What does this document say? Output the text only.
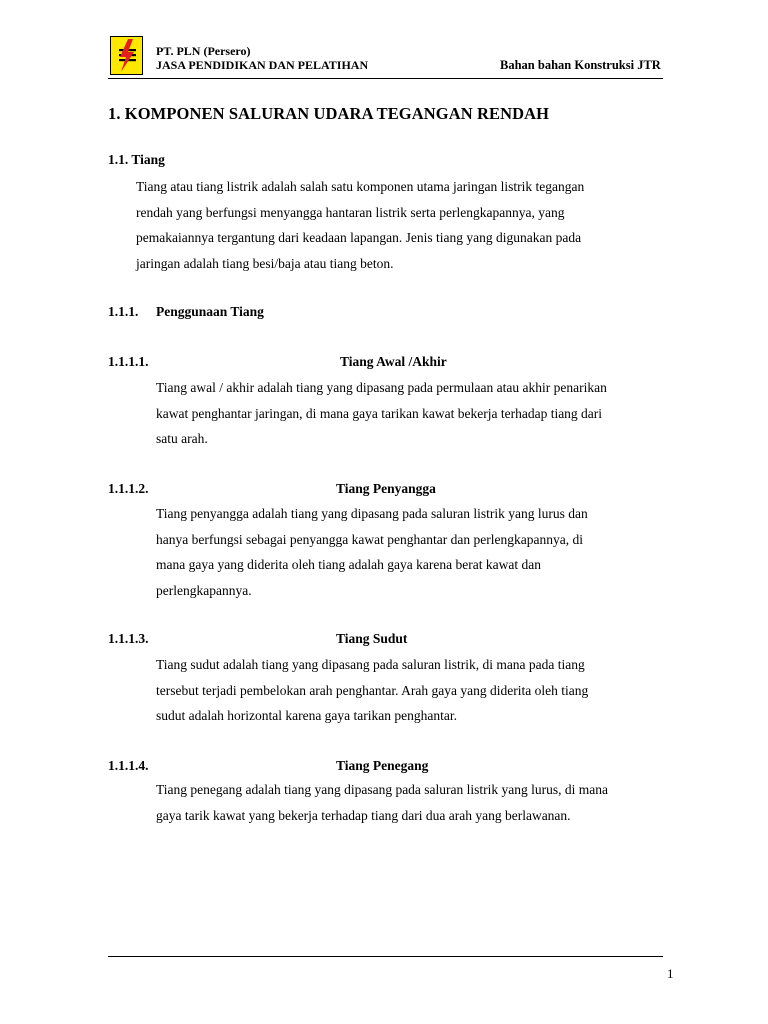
PT. PLN (Persero)
JASA PENDIDIKAN DAN PELATIHAN	Bahan bahan Konstruksi JTR
1. KOMPONEN SALURAN UDARA TEGANGAN RENDAH
1.1. Tiang
Tiang atau tiang listrik adalah salah satu komponen utama jaringan listrik tegangan
rendah yang berfungsi menyangga hantaran listrik serta perlengkapannya, yang
pemakaiannya tergantung dari keadaan lapangan. Jenis tiang yang digunakan pada
jaringan adalah tiang besi/baja atau tiang beton.
1.1.1. Penggunaan Tiang
1.1.1.1.	Tiang Awal /Akhir
Tiang awal / akhir adalah tiang yang dipasang pada permulaan atau akhir penarikan
kawat penghantar jaringan, di mana gaya tarikan kawat bekerja terhadap tiang dari
satu arah.
1.1.1.2.	Tiang Penyangga
Tiang penyangga adalah tiang yang dipasang pada saluran listrik yang lurus dan
hanya berfungsi sebagai penyangga kawat penghantar dan perlengkapannya, di
mana gaya yang diderita oleh tiang adalah gaya karena berat kawat dan
perlengkapannya.
1.1.1.3.	Tiang Sudut
Tiang sudut adalah tiang yang dipasang pada saluran listrik, di mana pada tiang
tersebut terjadi pembelokan arah penghantar. Arah gaya yang diderita oleh tiang
sudut adalah horizontal karena gaya tarikan penghantar.
1.1.1.4.	Tiang Penegang
Tiang penegang adalah tiang yang dipasang pada saluran listrik yang lurus, di mana
gaya tarik kawat yang bekerja terhadap tiang dari dua arah yang berlawanan.
1
